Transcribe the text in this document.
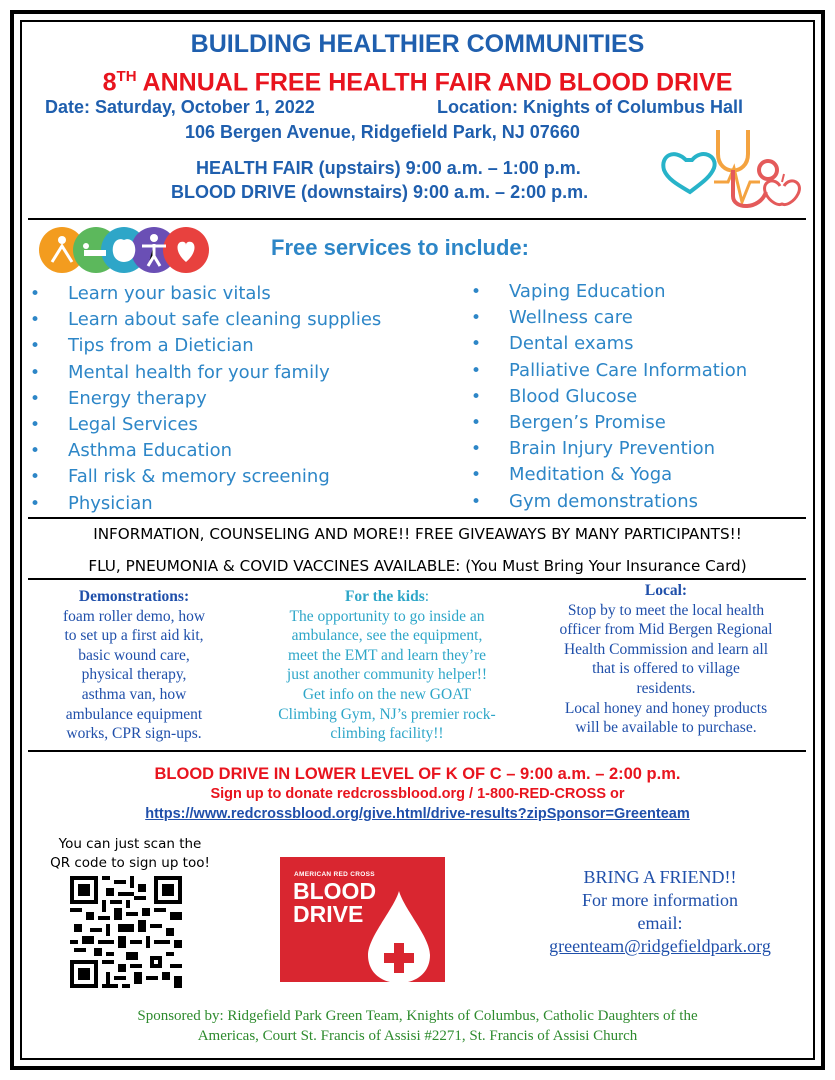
BUILDING HEALTHIER COMMUNITIES
8TH ANNUAL FREE HEALTH FAIR AND BLOOD DRIVE
Date: Saturday, October 1, 2022	Location: Knights of Columbus Hall
106 Bergen Avenue, Ridgefield Park, NJ 07660
HEALTH FAIR (upstairs) 9:00 a.m. – 1:00 p.m.
BLOOD DRIVE (downstairs) 9:00 a.m. – 2:00 p.m.
Free services to include:
• Learn your basic vitals
• Learn about safe cleaning supplies
• Tips from a Dietician
• Mental health for your family
• Energy therapy
• Legal Services
• Asthma Education
• Fall risk & memory screening
• Physician
• Vaping Education
• Wellness care
• Dental exams
• Palliative Care Information
• Blood Glucose
• Bergen’s Promise
• Brain Injury Prevention
• Meditation & Yoga
• Gym demonstrations
INFORMATION, COUNSELING AND MORE!! FREE GIVEAWAYS BY MANY PARTICIPANTS!!
FLU, PNEUMONIA & COVID VACCINES AVAILABLE: (You Must Bring Your Insurance Card)
Demonstrations:
foam roller demo, how
to set up a first aid kit,
basic wound care,
physical therapy,
asthma van, how
ambulance equipment
works, CPR sign-ups.
For the kids:
The opportunity to go inside an
ambulance, see the equipment,
meet the EMT and learn they’re
just another community helper!!
Get info on the new GOAT
Climbing Gym, NJ’s premier rock-
climbing facility!!
Local:
Stop by to meet the local health
officer from Mid Bergen Regional
Health Commission and learn all
that is offered to village
residents.
Local honey and honey products
will be available to purchase.
BLOOD DRIVE IN LOWER LEVEL OF K OF C – 9:00 a.m. – 2:00 p.m.
Sign up to donate redcrossblood.org / 1-800-RED-CROSS or
https://www.redcrossblood.org/give.html/drive-results?zipSponsor=Greenteam
You can just scan the
QR code to sign up too!
AMERICAN RED CROSS
BLOOD
DRIVE
BRING A FRIEND!!
For more information
email:
greenteam@ridgefieldpark.org
Sponsored by: Ridgefield Park Green Team, Knights of Columbus, Catholic Daughters of the
Americas, Court St. Francis of Assisi #2271, St. Francis of Assisi Church
